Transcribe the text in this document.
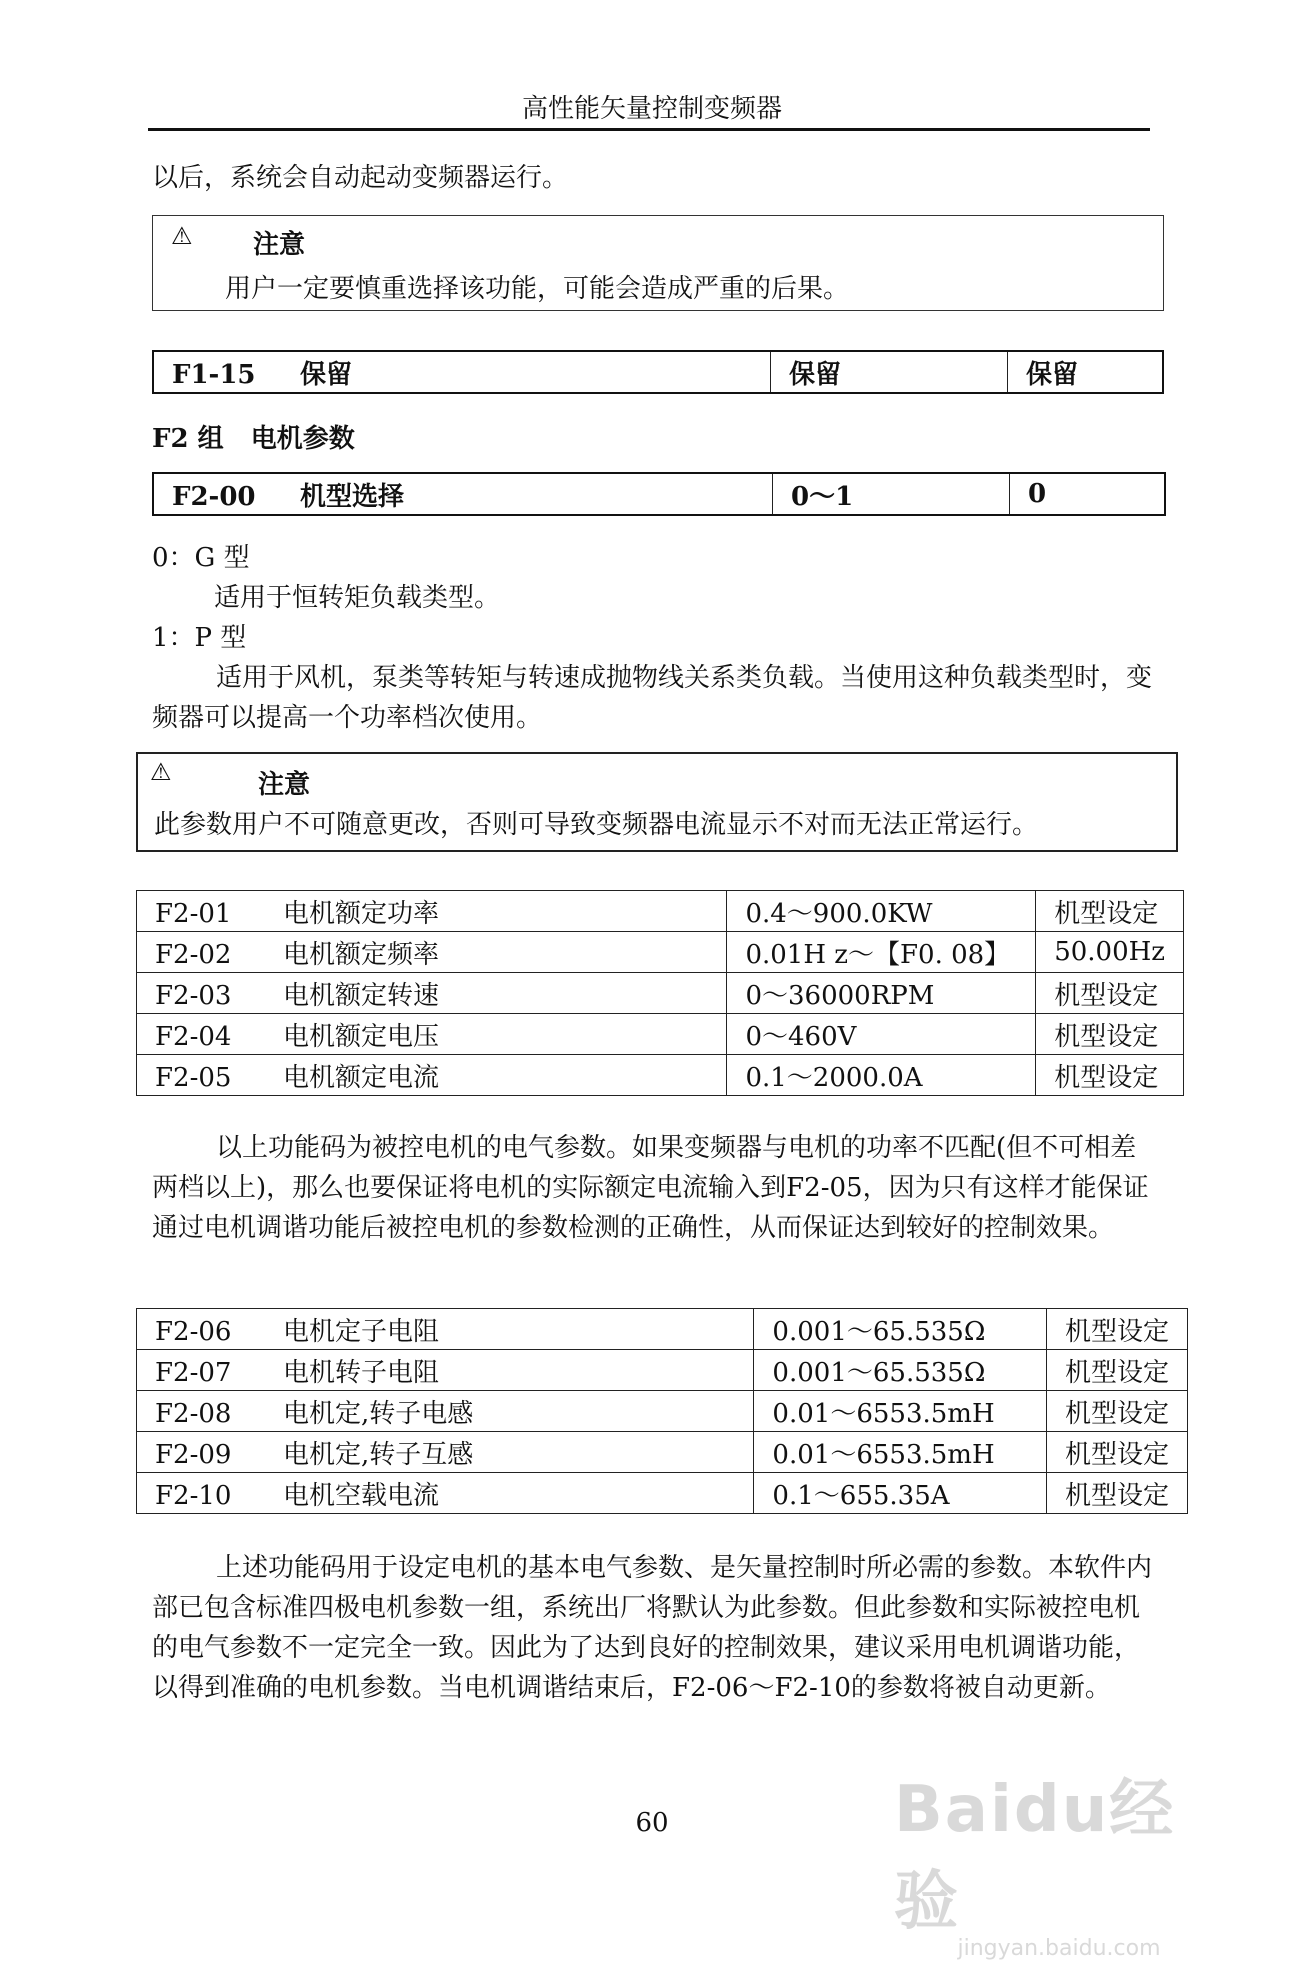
高性能矢量控制变频器
以后，系统会自动起动变频器运行。
⚠ 注意
用户一定要慎重选择该功能，可能会造成严重的后果。
F1-15 保留	保留	保留
F2 组   电机参数
F2-00 机型选择	0～1	0
0：G 型
适用于恒转矩负载类型。
1：P 型
适用于风机，泵类等转矩与转速成抛物线关系类负载。当使用这种负载类型时，变频器可以提高一个功率档次使用。
⚠	注意
此参数用户不可随意更改，否则可导致变频器电流显示不对而无法正常运行。
F2-01 电机额定功率	0.4～900.0KW	机型设定
F2-02 电机额定频率	0.01H z～【F0. 08】	50.00Hz
F2-03 电机额定转速	0～36000RPM	机型设定
F2-04 电机额定电压	0～460V	机型设定
F2-05 电机额定电流	0.1～2000.0A	机型设定
以上功能码为被控电机的电气参数。如果变频器与电机的功率不匹配(但不可相差两档以上)，那么也要保证将电机的实际额定电流输入到F2-05，因为只有这样才能保证通过电机调谐功能后被控电机的参数检测的正确性，从而保证达到较好的控制效果。
F2-06 电机定子电阻	0.001～65.535Ω	机型设定
F2-07 电机转子电阻	0.001～65.535Ω	机型设定
F2-08 电机定,转子电感	0.01～6553.5mH	机型设定
F2-09 电机定,转子互感	0.01～6553.5mH	机型设定
F2-10 电机空载电流	0.1～655.35A	机型设定
上述功能码用于设定电机的基本电气参数、是矢量控制时所必需的参数。本软件内部已包含标准四极电机参数一组，系统出厂将默认为此参数。但此参数和实际被控电机的电气参数不一定完全一致。因此为了达到良好的控制效果，建议采用电机调谐功能，以得到准确的电机参数。当电机调谐结束后，F2-06～F2-10的参数将被自动更新。
60	Baidu经验
jingyan.baidu.com
